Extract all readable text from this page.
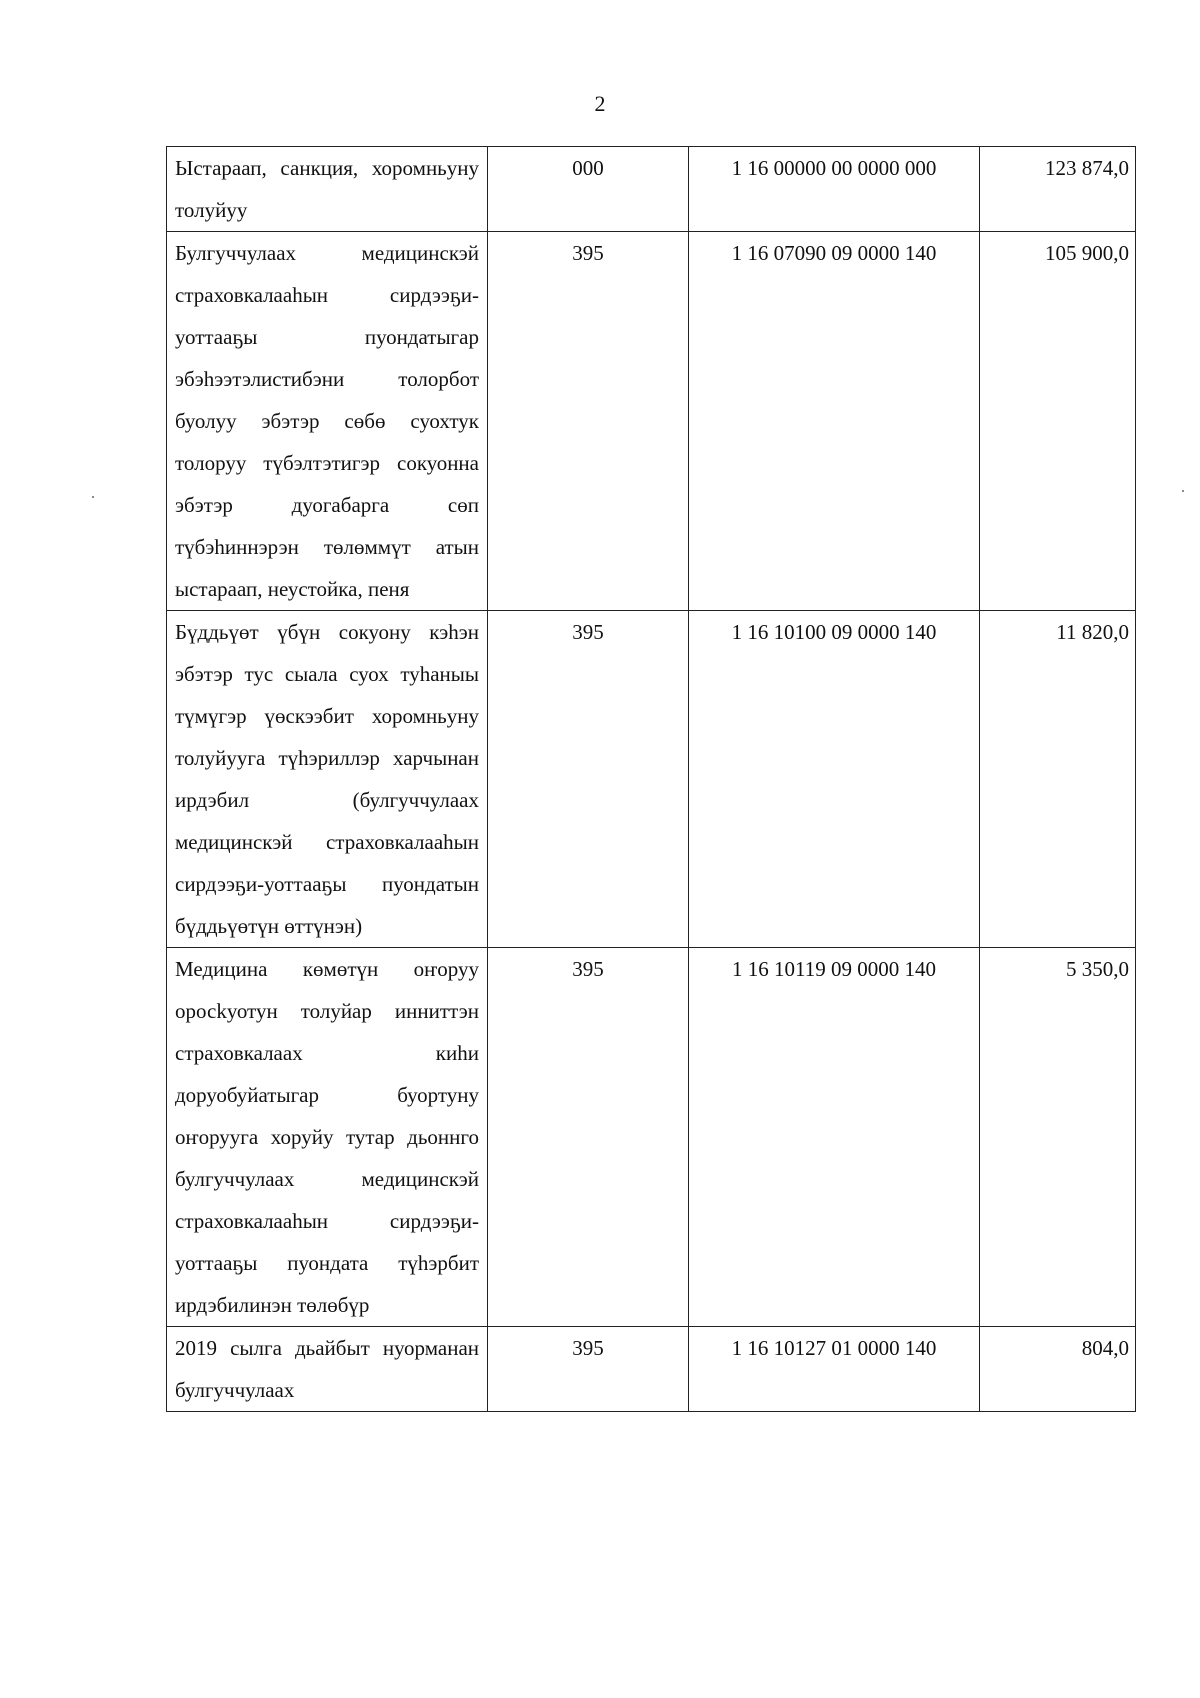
2
Ыстараап, санкция, хоромньуну толуйуу	000	1 16 00000 00 0000 000	123 874,0
Булгуччулаах медицинскэй страховкалааһын сирдээҕи-уоттааҕы пуондатыгар эбэһээтэлистибэни толорбот буолуу эбэтэр сөбө суохтук толоруу түбэлтэтигэр сокуонна эбэтэр дуогабарга сөп түбэһиннэрэн төлөммүт атын ыстараап, неустойка, пеня	395	1 16 07090 09 0000 140	105 900,0
Бүддьүөт үбүн сокуону кэһэн эбэтэр тус сыала суох туһаныы түмүгэр үөскээбит хоромньуну толуйууга түһэриллэр харчынан ирдэбил (булгуччулаах медицинскэй страховкалааһын сирдээҕи-уоттааҕы пуондатын бүддьүөтүн өттүнэн)	395	1 16 10100 09 0000 140	11 820,0
Медицина көмөтүн оҥоруу оросkуотун толуйар инниттэн страховкалаах киһи доруобуйатыгар буортуну оҥорууга хоруйу тутар дьоннго булгуччулаах медицинскэй страховкалааһын сирдээҕи-уоттааҕы пуондата түһэрбит ирдэбилинэн төлөбүр	395	1 16 10119 09 0000 140	5 350,0
2019 сылга дьайбыт нуорманан булгуччулаах	395	1 16 10127 01 0000 140	804,0
